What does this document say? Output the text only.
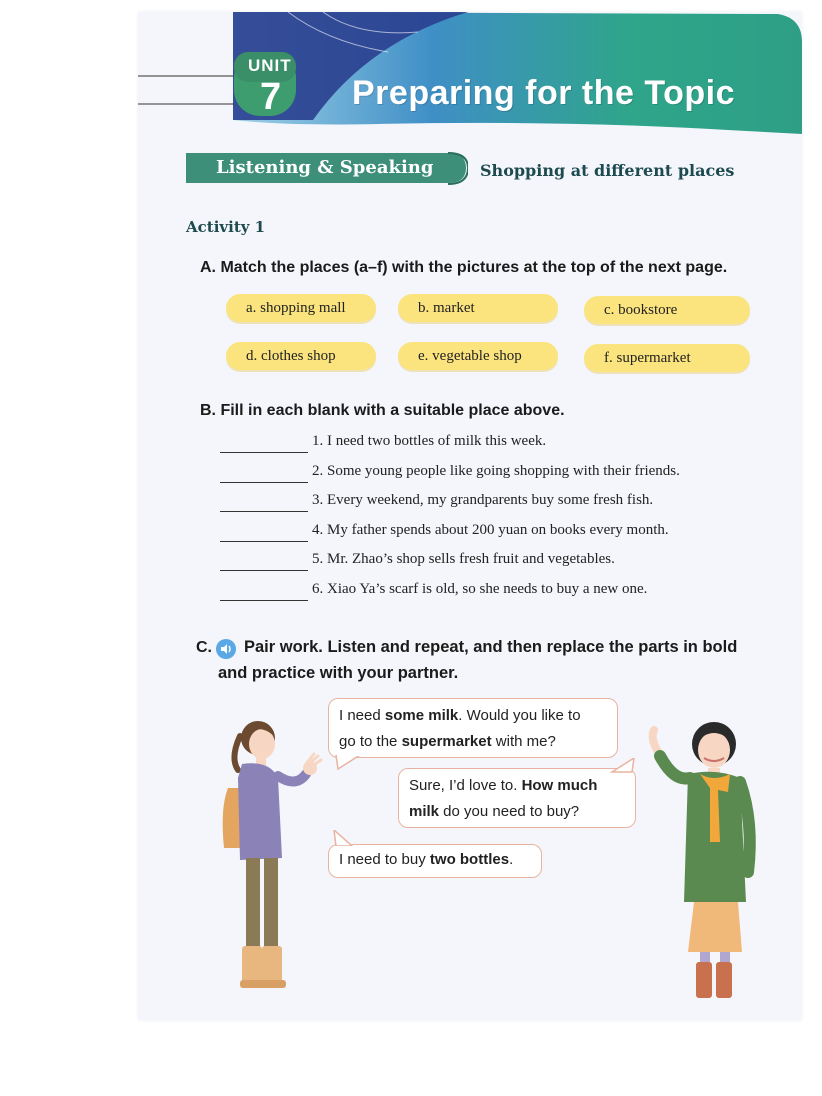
UNIT
7 Preparing for the Topic
Listening & Speaking	Shopping at different places
Activity 1
A. Match the places (a–f) with the pictures at the top of the next page.
a. shopping mall	b. market	c. bookstore
d. clothes shop	e. vegetable shop	f. supermarket
B. Fill in each blank with a suitable place above.
1. I need two bottles of milk this week.
2. Some young people like going shopping with their friends.
3. Every weekend, my grandparents buy some fresh fish.
4. My father spends about 200 yuan on books every month.
5. Mr. Zhao’s shop sells fresh fruit and vegetables.
6. Xiao Ya’s scarf is old, so she needs to buy a new one.
C. Pair work. Listen and repeat, and then replace the parts in bold
and practice with your partner.
I need some milk. Would you like to
go to the supermarket with me?
Sure, I’d love to. How much
milk do you need to buy?
I need to buy two bottles.
